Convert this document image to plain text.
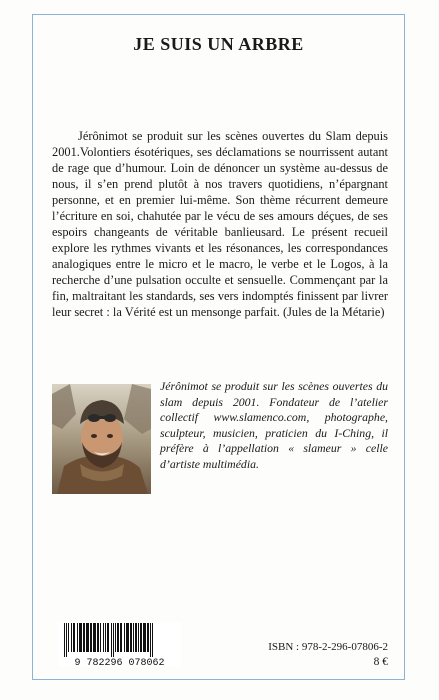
JE SUIS UN ARBRE

Jérônimot se produit sur les scènes ouvertes du Slam depuis 2001.Volontiers ésotériques, ses déclamations se nourrissent autant de rage que d’humour. Loin de dénoncer un système au-dessus de nous, il s’en prend plutôt à nos travers quotidiens, n’épargnant personne, et en premier lui-même. Son thème récurrent demeure l’écriture en soi, chahutée par le vécu de ses amours déçues, de ses espoirs changeants de véritable banlieusard. Le présent recueil explore les rythmes vivants et les résonances, les correspondances analogiques entre le micro et le macro, le verbe et le Logos, à la recherche d’une pulsation occulte et sensuelle. Commençant par la fin, maltraitant les standards, ses vers indomptés finissent par livrer leur secret : la Vérité est un mensonge parfait. (Jules de la Métarie)

Jérônimot se produit sur les scènes ouvertes du slam depuis 2001. Fondateur de l’atelier collectif www.slamenco.com, photographe, sculpteur, musicien, praticien du I-Ching, il préfère à l’appellation « slameur » celle d’artiste multimédia.

9 782296 078062
ISBN : 978-2-296-07806-2
8 €
